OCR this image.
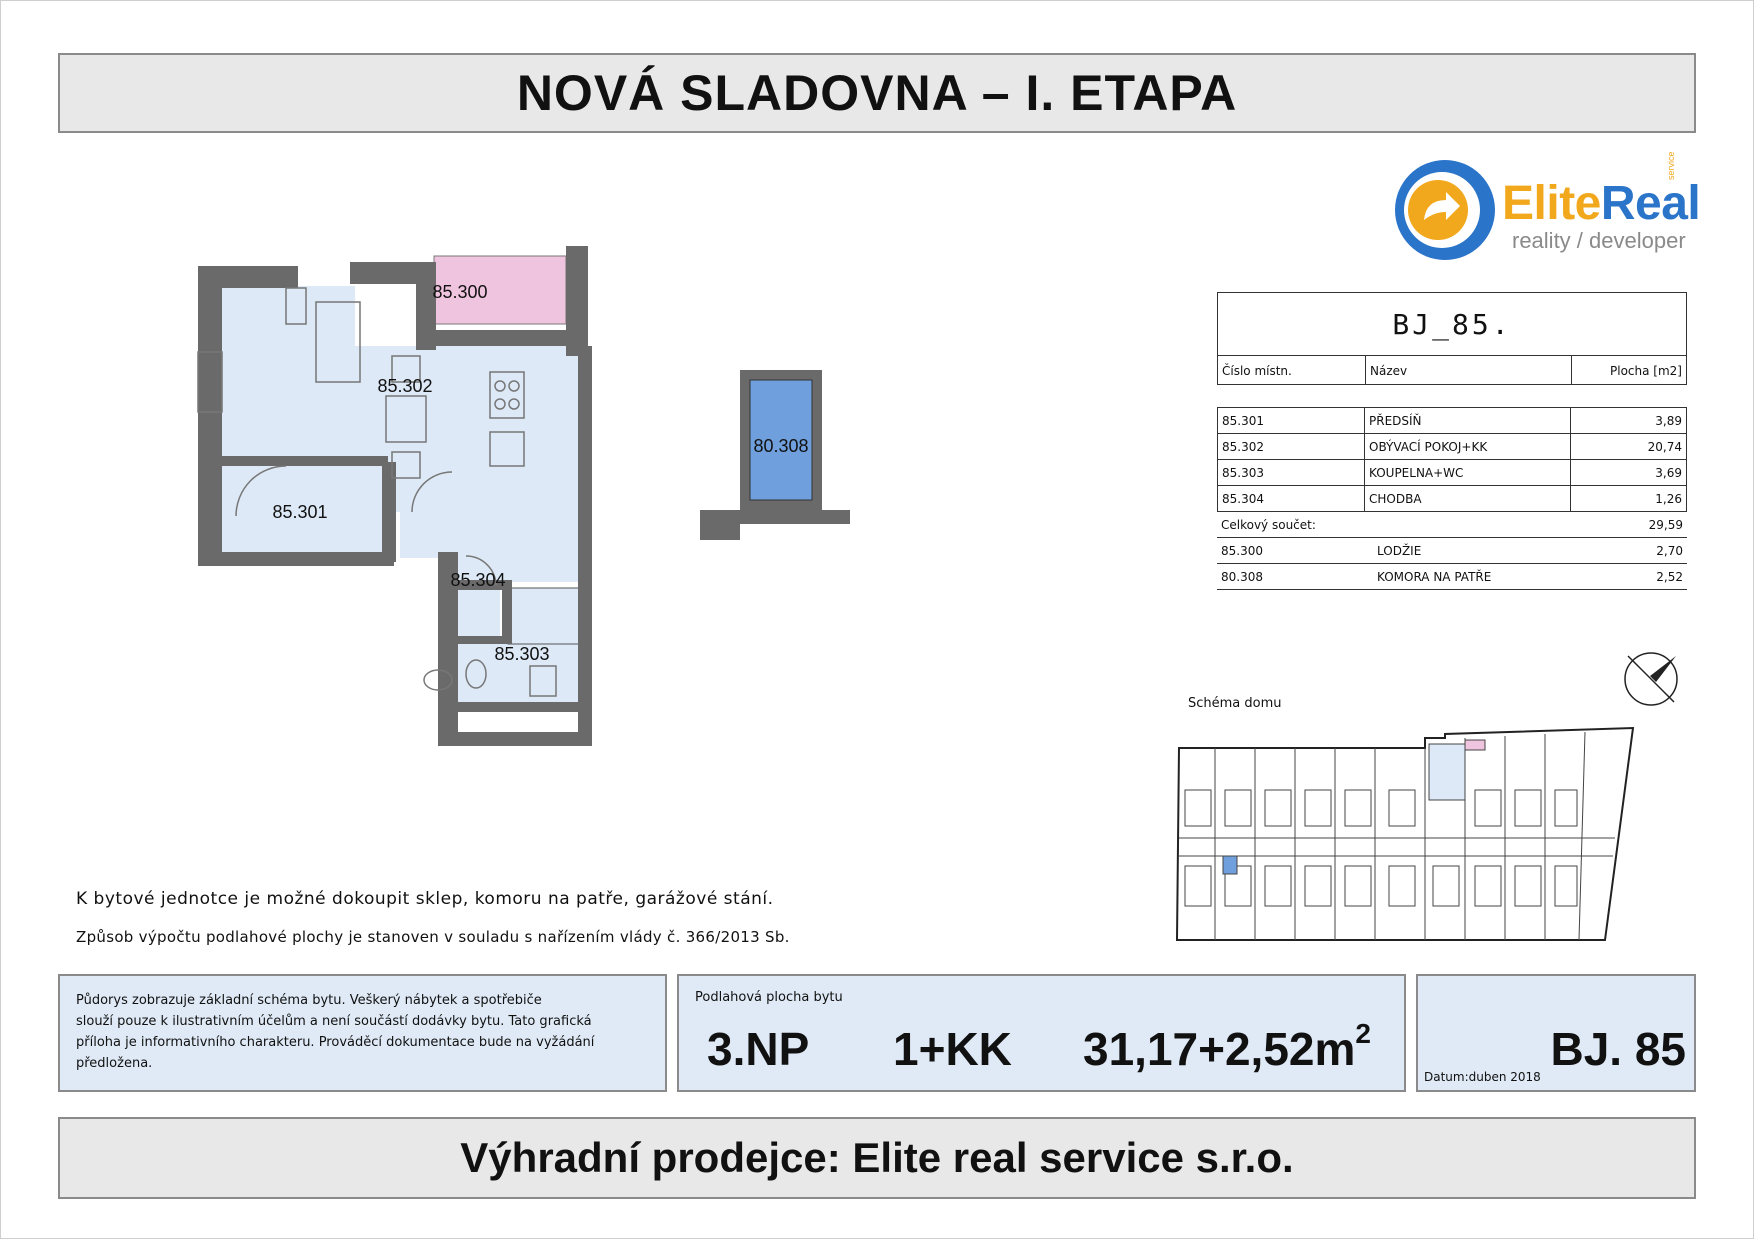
NOVÁ SLADOVNA – I. ETAPA
EliteReal
service
reality / developer
85.300
85.302
85.301
85.304
85.303
80.308
BJ_85.
Číslo místn.	Název	Plocha [m2]
85.301	PŘEDSÍŇ	3,89
85.302	OBÝVACÍ POKOJ+KK	20,74
85.303	KOUPELNA+WC	3,69
85.304	CHODBA	1,26
Celkový součet:	29,59
85.300	LODŽIE	2,70
80.308	KOMORA NA PATŘE	2,52
Schéma domu
K bytové jednotce je možné dokoupit sklep, komoru na patře, garážové stání.
Způsob výpočtu podlahové plochy je stanoven v souladu s nařízením vlády č. 366/2013 Sb.

Půdorys zobrazuje základní schéma bytu. Veškerý nábytek a spotřebiče
slouží pouze k ilustrativním účelům a není součástí dodávky bytu. Tato grafická
příloha je informativního charakteru. Prováděcí dokumentace bude na vyžádání
předložena.

Podlahová plocha bytu
3.NP 1+KK $31,17+2,52m^2$	BJ. 85
Datum:duben 2018
Výhradní prodejce: Elite real service s.r.o.
